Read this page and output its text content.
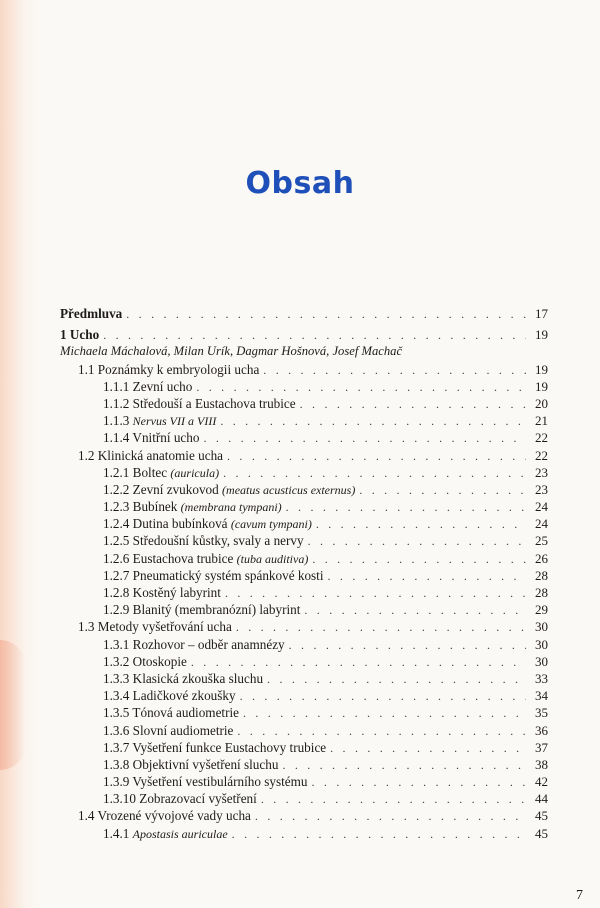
Obsah
Předmluva . . .	17
1 Ucho . . .	19
Michaela Máchalová, Milan Urík, Dagmar Hošnová, Josef Machač
1.1 Poznámky k embryologii ucha . . .	19
1.1.1 Zevní ucho . . .	19
1.1.2 Středouší a Eustachova trubice . . .	20
1.1.3 Nervus VII a VIII . . .	21
1.1.4 Vnitřní ucho . . .	22
1.2 Klinická anatomie ucha . . .	22
1.2.1 Boltec (auricula) . . .	23
1.2.2 Zevní zvukovod (meatus acusticus externus) . . .	23
1.2.3 Bubínek (membrana tympani) . . .	24
1.2.4 Dutina bubínková (cavum tympani) . . .	24
1.2.5 Středoušní kůstky, svaly a nervy . . .	25
1.2.6 Eustachova trubice (tuba auditiva) . . .	26
1.2.7 Pneumatický systém spánkové kosti . . .	28
1.2.8 Kostěný labyrint . . .	28
1.2.9 Blanitý (membranózní) labyrint . . .	29
1.3 Metody vyšetřování ucha . . .	30
1.3.1 Rozhovor – odběr anamnézy . . .	30
1.3.2 Otoskopie . . .	30
1.3.3 Klasická zkouška sluchu . . .	33
1.3.4 Ladičkové zkoušky . . .	34
1.3.5 Tónová audiometrie . . .	35
1.3.6 Slovní audiometrie . . .	36
1.3.7 Vyšetření funkce Eustachovy trubice . . .	37
1.3.8 Objektivní vyšetření sluchu . . .	38
1.3.9 Vyšetření vestibulárního systému . . .	42
1.3.10 Zobrazovací vyšetření . . .	44
1.4 Vrozené vývojové vady ucha . . .	45
1.4.1 Apostasis auriculae . . .	45
7
